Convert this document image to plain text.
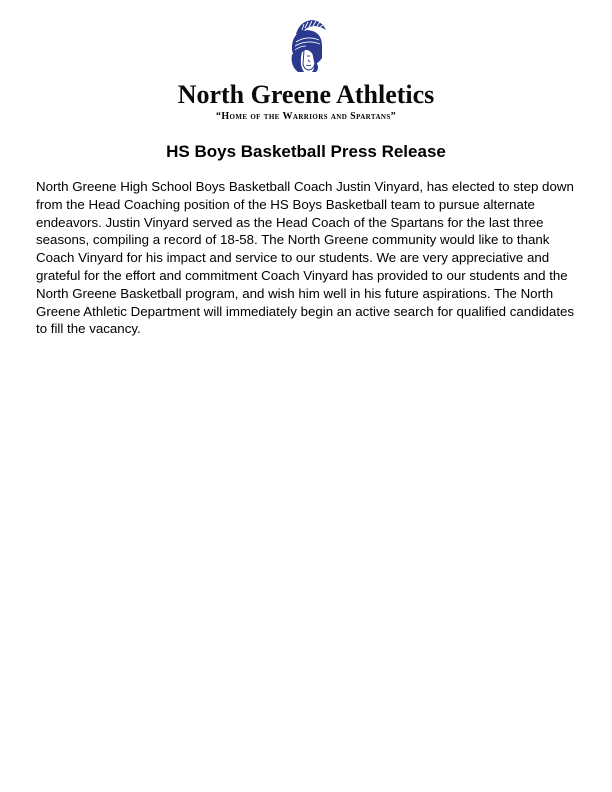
North Greene Athletics
“Home of the Warriors and Spartans”
HS Boys Basketball Press Release
North Greene High School Boys Basketball Coach Justin Vinyard, has elected to step down from the Head Coaching position of the HS Boys Basketball team to pursue alternate endeavors. Justin Vinyard served as the Head Coach of the Spartans for the last three seasons, compiling a record of 18-58. The North Greene community would like to thank Coach Vinyard for his impact and service to our students. We are very appreciative and grateful for the effort and commitment Coach Vinyard has provided to our students and the North Greene Basketball program, and wish him well in his future aspirations. The North Greene Athletic Department will immediately begin an active search for qualified candidates to fill the vacancy.
